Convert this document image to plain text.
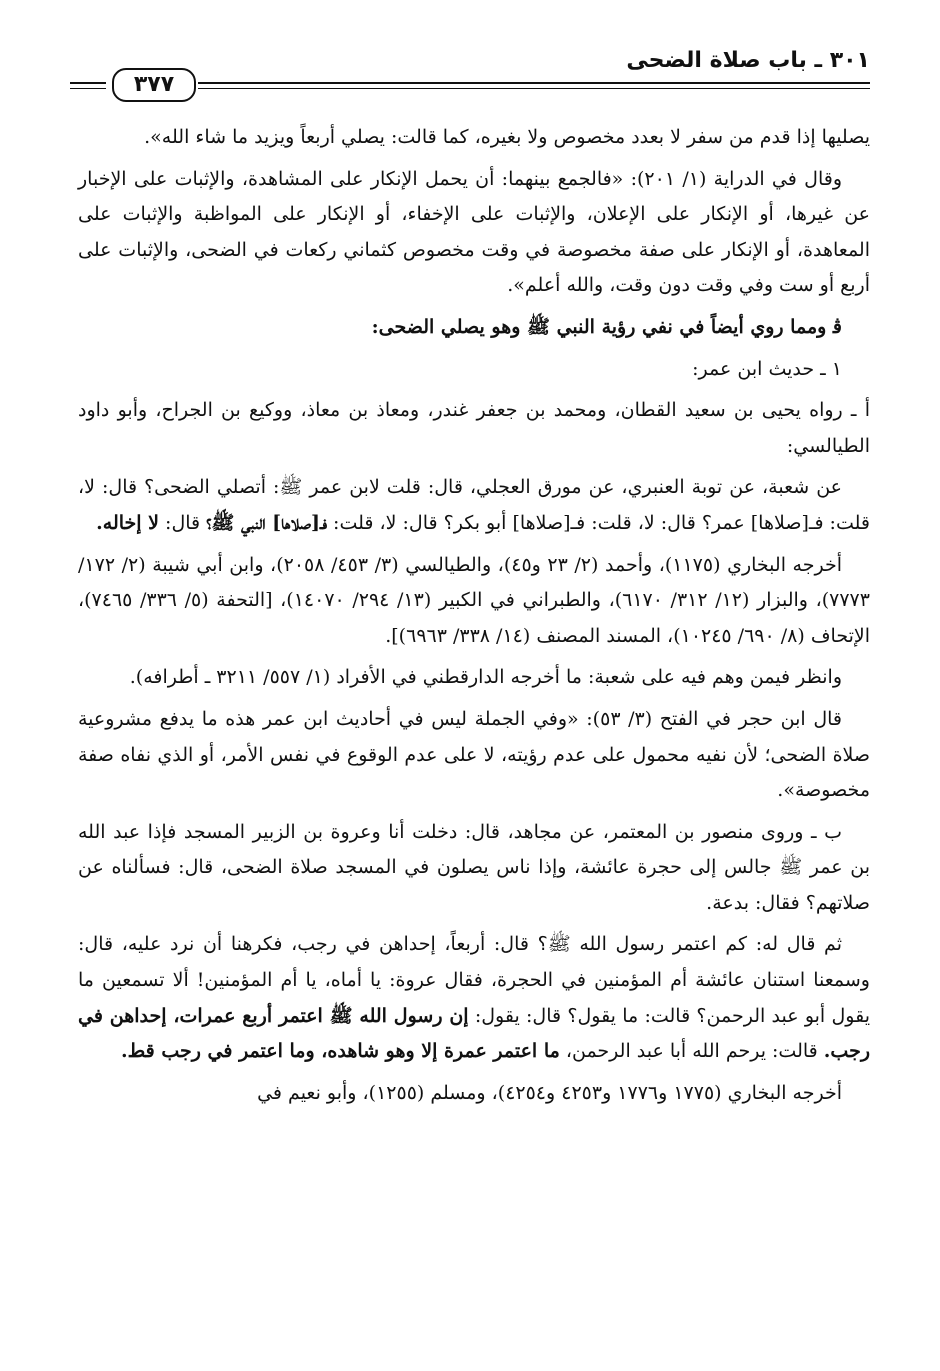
٣٠١ ـ باب صلاة الضحى
٣٧٧

يصليها إذا قدم من سفر لا بعدد مخصوص ولا بغيره، كما قالت: يصلي أربعاً ويزيد ما شاء الله».

وقال في الدراية (١/ ٢٠١): «فالجمع بينهما: أن يحمل الإنكار على المشاهدة، والإثبات على الإخبار عن غيرها، أو الإنكار على الإعلان، والإثبات على الإخفاء، أو الإنكار على المواظبة والإثبات على المعاهدة، أو الإنكار على صفة مخصوصة في وقت مخصوص كثماني ركعات في الضحى، والإثبات على أربع أو ست وفي وقت دون وقت، والله أعلم».

ﭬ ومما روي أيضاً في نفي رؤية النبي ﷺ وهو يصلي الضحى:

١ ـ حديث ابن عمر:

أ ـ رواه يحيى بن سعيد القطان، ومحمد بن جعفر غندر، ومعاذ بن معاذ، ووكيع بن الجراح، وأبو داود الطيالسي:

عن شعبة، عن توبة العنبري، عن مورق العجلي، قال: قلت لابن عمر ﷺ: أتصلي الضحى؟ قال: لا، قلت: فـ[صلاها] عمر؟ قال: لا، قلت: فـ[صلاها] أبو بكر؟ قال: لا، قلت: فـ[صلاها] النبي ﷺ؟ قال: لا إخاله.

أخرجه البخاري (١١٧٥)، وأحمد (٢/ ٢٣ و٤٥)، والطيالسي (٣/ ٤٥٣/ ٢٠٥٨)، وابن أبي شيبة (٢/ ١٧٢/ ٧٧٧٣)، والبزار (١٢/ ٣١٢/ ٦١٧٠)، والطبراني في الكبير (١٣/ ٢٩٤/ ١٤٠٧٠)، [التحفة (٥/ ٣٣٦/ ٧٤٦٥)، الإتحاف (٨/ ٦٩٠/ ١٠٢٤٥)، المسند المصنف (١٤/ ٣٣٨/ ٦٩٦٣)].

وانظر فيمن وهم فيه على شعبة: ما أخرجه الدارقطني في الأفراد (١/ ٥٥٧/ ٣٢١١ ـ أطرافه).

قال ابن حجر في الفتح (٣/ ٥٣): «وفي الجملة ليس في أحاديث ابن عمر هذه ما يدفع مشروعية صلاة الضحى؛ لأن نفيه محمول على عدم رؤيته، لا على عدم الوقوع في نفس الأمر، أو الذي نفاه صفة مخصوصة».

ب ـ وروى منصور بن المعتمر، عن مجاهد، قال: دخلت أنا وعروة بن الزبير المسجد فإذا عبد الله بن عمر ﷺ جالس إلى حجرة عائشة، وإذا ناس يصلون في المسجد صلاة الضحى، قال: فسألناه عن صلاتهم؟ فقال: بدعة.

ثم قال له: كم اعتمر رسول الله ﷺ؟ قال: أربعاً، إحداهن في رجب، فكرهنا أن نرد عليه، قال: وسمعنا استنان عائشة أم المؤمنين في الحجرة، فقال عروة: يا أماه، يا أم المؤمنين! ألا تسمعين ما يقول أبو عبد الرحمن؟ قالت: ما يقول؟ قال: يقول: إن رسول الله ﷺ اعتمر أربع عمرات، إحداهن في رجب. قالت: يرحم الله أبا عبد الرحمن، ما اعتمر عمرة إلا وهو شاهده، وما اعتمر في رجب قط.

أخرجه البخاري (١٧٧٥ و١٧٧٦ و٤٢٥٣ و٤٢٥٤)، ومسلم (١٢٥٥)، وأبو نعيم في
